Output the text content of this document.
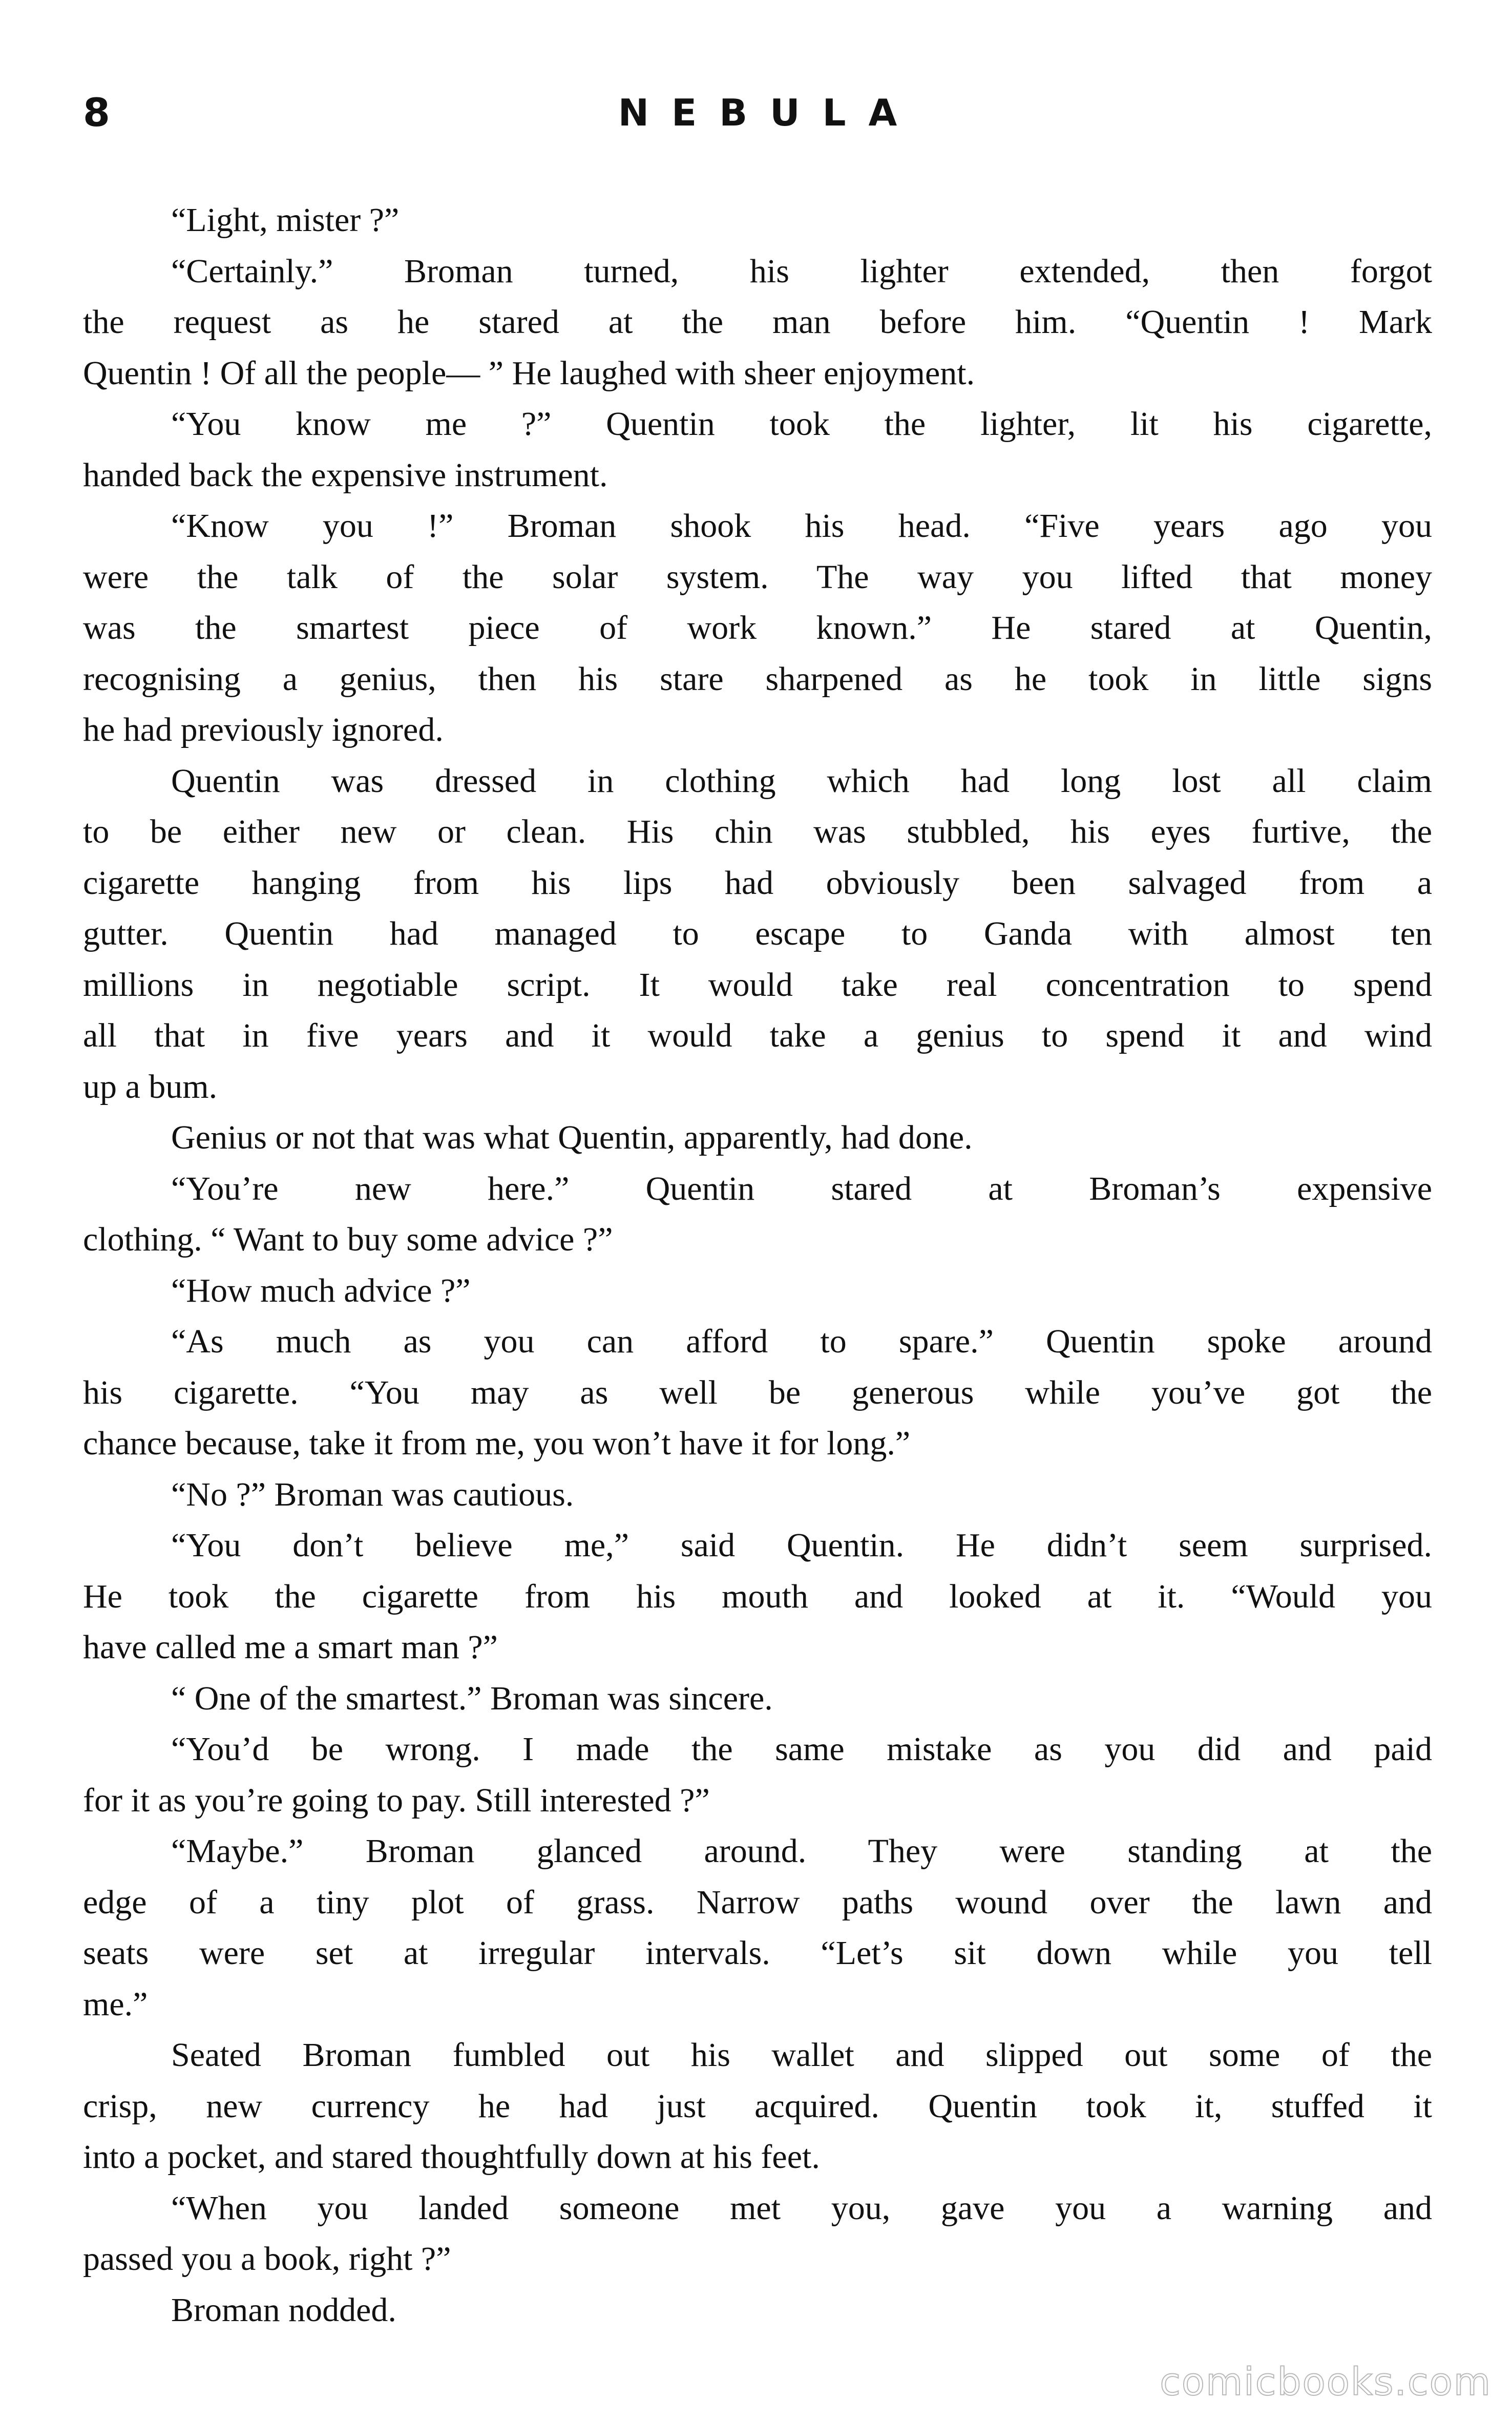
8	NEBULA
“Light, mister ?”
“Certainly.” Broman turned, his lighter extended, then forgot
the request as he stared at the man before him. “Quentin ! Mark
Quentin ! Of all the people— ” He laughed with sheer enjoyment.
“You know me ?” Quentin took the lighter, lit his cigarette,
handed back the expensive instrument.
“Know you !” Broman shook his head. “Five years ago you
were the talk of the solar system. The way you lifted that money
was the smartest piece of work known.” He stared at Quentin,
recognising a genius, then his stare sharpened as he took in little signs
he had previously ignored.
Quentin was dressed in clothing which had long lost all claim
to be either new or clean. His chin was stubbled, his eyes furtive, the
cigarette hanging from his lips had obviously been salvaged from a
gutter. Quentin had managed to escape to Ganda with almost ten
millions in negotiable script. It would take real concentration to spend
all that in five years and it would take a genius to spend it and wind
up a bum.
Genius or not that was what Quentin, apparently, had done.
“You’re new here.” Quentin stared at Broman’s expensive
clothing. “ Want to buy some advice ?”
“How much advice ?”
“As much as you can afford to spare.” Quentin spoke around
his cigarette. “You may as well be generous while you’ve got the
chance because, take it from me, you won’t have it for long.”
“No ?” Broman was cautious.
“You don’t believe me,” said Quentin. He didn’t seem surprised.
He took the cigarette from his mouth and looked at it. “Would you
have called me a smart man ?”
“ One of the smartest.” Broman was sincere.
“You’d be wrong. I made the same mistake as you did and paid
for it as you’re going to pay. Still interested ?”
“Maybe.” Broman glanced around. They were standing at the
edge of a tiny plot of grass. Narrow paths wound over the lawn and
seats were set at irregular intervals. “Let’s sit down while you tell
me.”
Seated Broman fumbled out his wallet and slipped out some of the
crisp, new currency he had just acquired. Quentin took it, stuffed it
into a pocket, and stared thoughtfully down at his feet.
“When you landed someone met you, gave you a warning and
passed you a book, right ?”
Broman nodded.
comicbooks.com
